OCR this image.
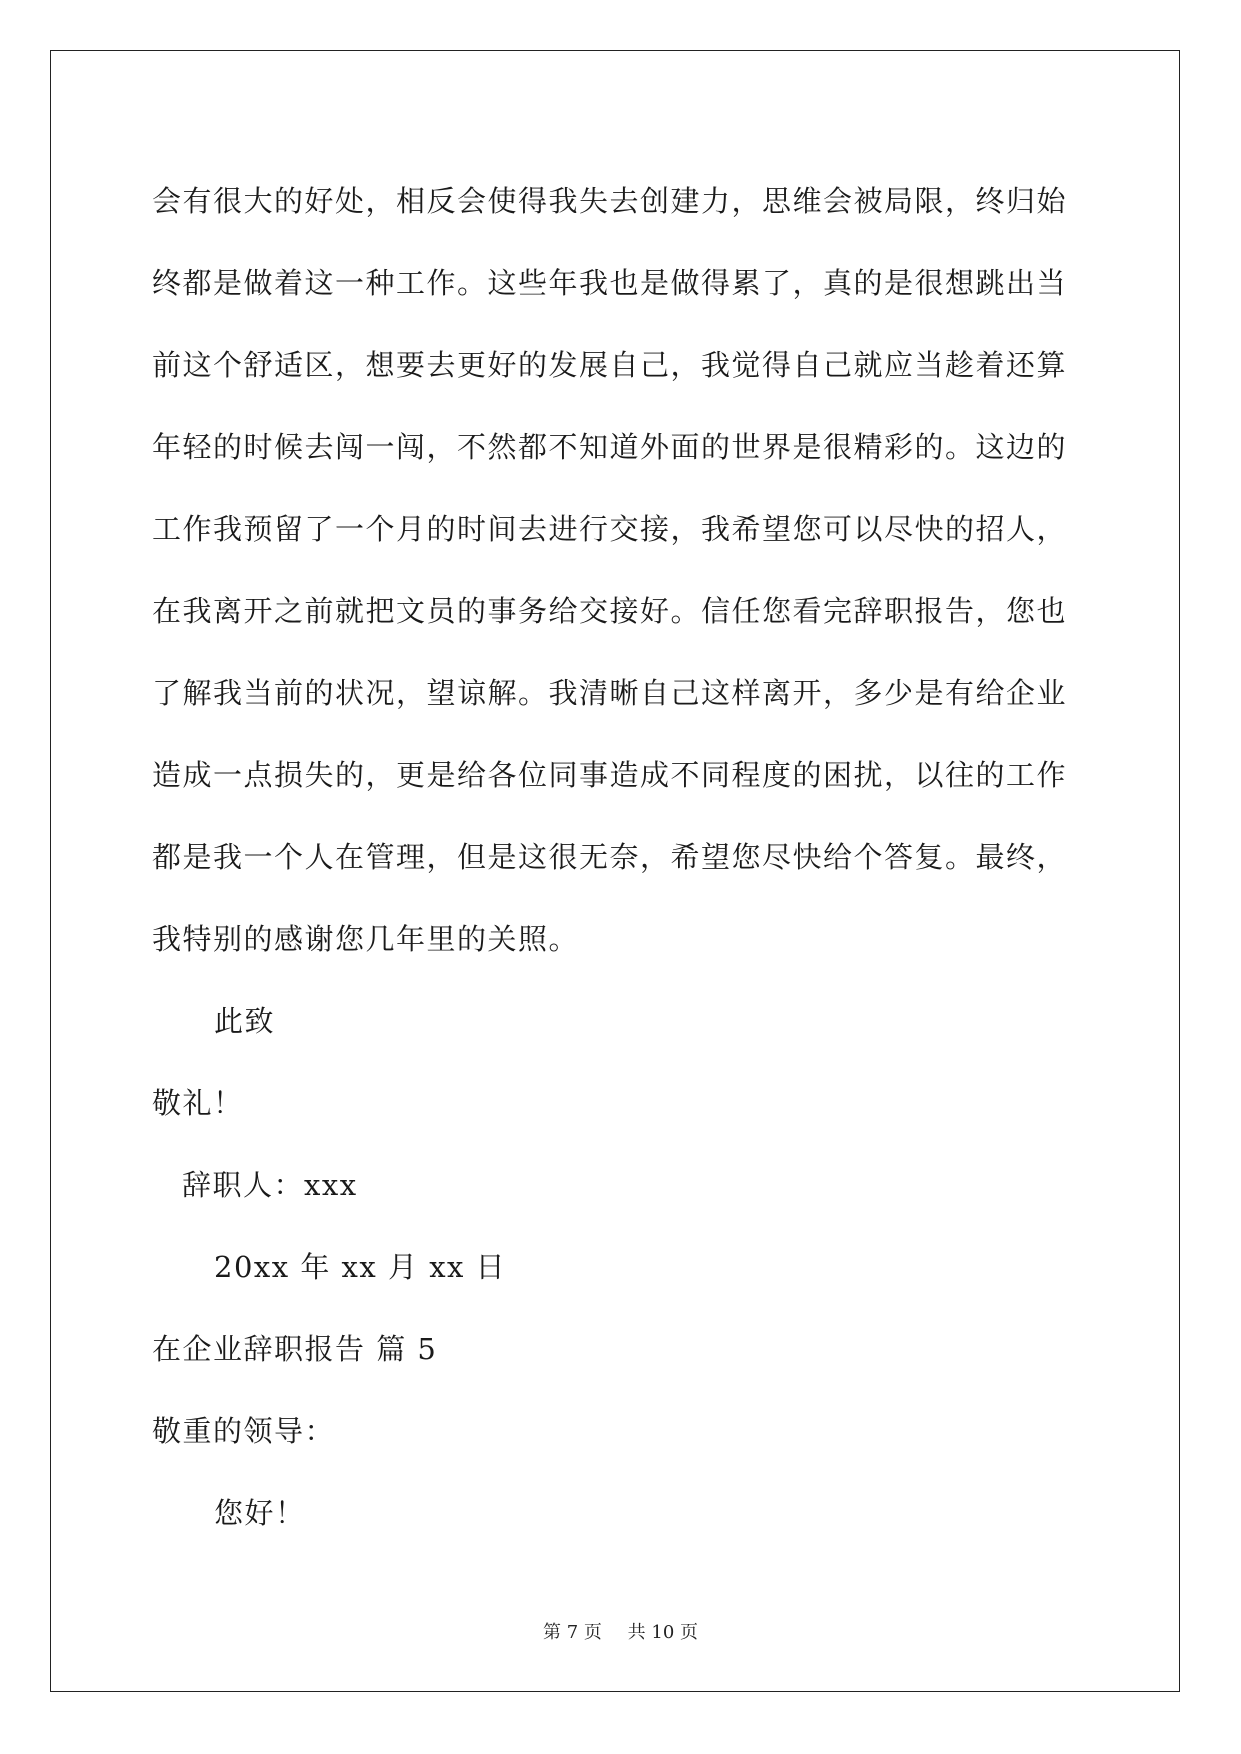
会有很大的好处，相反会使得我失去创建力，思维会被局限，终归始
终都是做着这一种工作。这些年我也是做得累了，真的是很想跳出当
前这个舒适区，想要去更好的发展自己，我觉得自己就应当趁着还算
年轻的时候去闯一闯，不然都不知道外面的世界是很精彩的。这边的
工作我预留了一个月的时间去进行交接，我希望您可以尽快的招人，
在我离开之前就把文员的事务给交接好。信任您看完辞职报告，您也
了解我当前的状况，望谅解。我清晰自己这样离开，多少是有给企业
造成一点损失的，更是给各位同事造成不同程度的困扰，以往的工作
都是我一个人在管理，但是这很无奈，希望您尽快给个答复。最终，
我特别的感谢您几年里的关照。
此致
敬礼！
辞职人：xxx
20xx 年 xx 月 xx 日
在企业辞职报告 篇 5
敬重的领导：
您好！
第 7 页 共 10 页
